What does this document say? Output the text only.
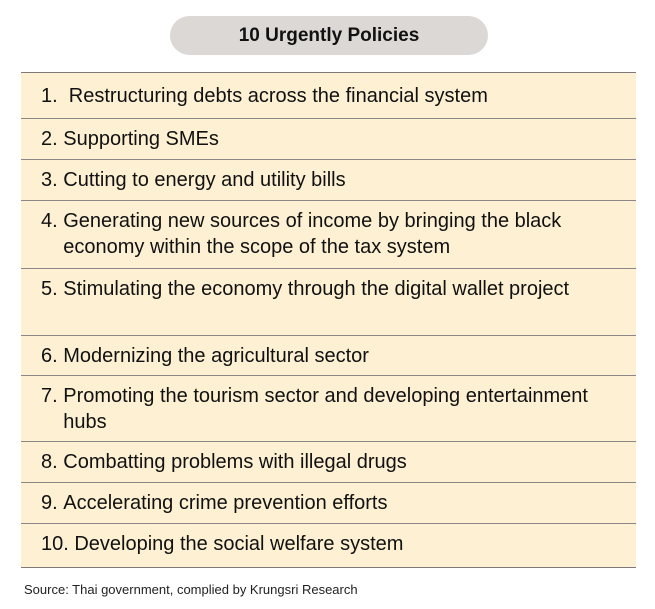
10 Urgently Policies
1. Restructuring debts across the financial system
2. Supporting SMEs
3. Cutting to energy and utility bills
4. Generating new sources of income by bringing the black economy within the scope of the tax system
5. Stimulating the economy through the digital wallet project
6. Modernizing the agricultural sector
7. Promoting the tourism sector and developing entertainment hubs
8. Combatting problems with illegal drugs
9. Accelerating crime prevention efforts
10. Developing the social welfare system
Source: Thai government, complied by Krungsri Research
